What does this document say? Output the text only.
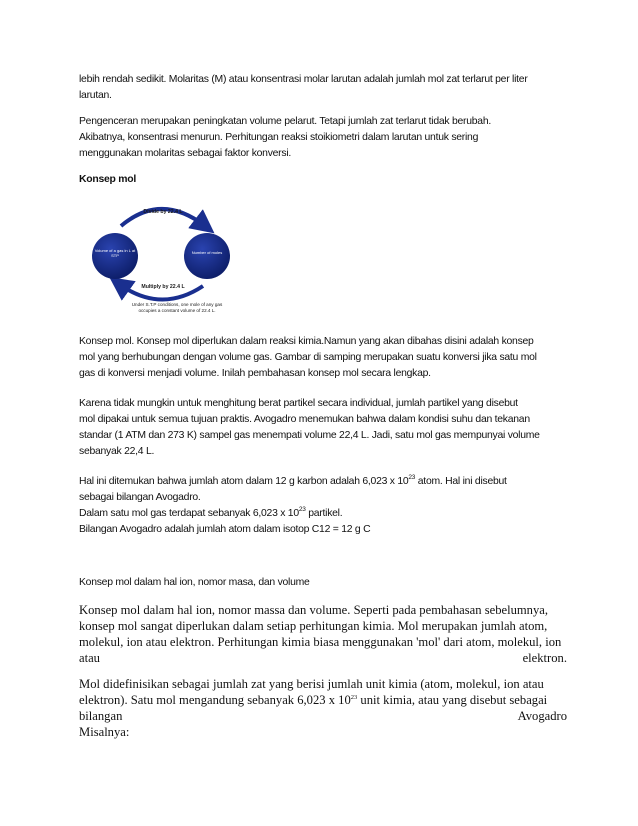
lebih rendah sedikit. Molaritas (M) atau konsentrasi molar larutan adalah jumlah mol zat terlarut per liter

larutan.

Pengenceran merupakan peningkatan volume pelarut. Tetapi jumlah zat terlarut tidak berubah.

Akibatnya, konsentrasi menurun. Perhitungan reaksi stoikiometri dalam larutan untuk sering

menggunakan molaritas sebagai faktor konversi.

Konsep mol
Divide by 22.4 L
Multiply by 22.4 L
Volume of a gas in L at STP
Number of moles
Under S.T.P conditions, one mole of any gas
occupies a constant volume of 22.4 L.

Konsep mol. Konsep mol diperlukan dalam reaksi kimia.Namun yang akan dibahas disini adalah konsep

mol yang berhubungan dengan volume gas. Gambar di samping merupakan suatu konversi jika satu mol

gas di konversi menjadi volume. Inilah pembahasan konsep mol secara lengkap.

Karena tidak mungkin untuk menghitung berat partikel secara individual, jumlah partikel yang disebut

mol dipakai untuk semua tujuan praktis. Avogadro menemukan bahwa dalam kondisi suhu dan tekanan

standar (1 ATM dan 273 K) sampel gas menempati volume 22,4 L. Jadi, satu mol gas mempunyai volume

sebanyak 22,4 L.

Hal ini ditemukan bahwa jumlah atom dalam 12 g karbon adalah 6,023 x $10^{23}$ atom. Hal ini disebut

sebagai bilangan Avogadro.

Dalam satu mol gas terdapat sebanyak 6,023 x $10^{23}$ partikel.

Bilangan Avogadro adalah jumlah atom dalam isotop C12 = 12 g C

Konsep mol dalam hal ion, nomor masa, dan volume

Konsep mol dalam hal ion, nomor massa dan volume. Seperti pada pembahasan sebelumnya,

konsep mol sangat diperlukan dalam setiap perhitungan kimia. Mol merupakan jumlah atom,

molekul, ion atau elektron. Perhitungan kimia biasa menggunakan 'mol' dari atom, molekul, ion

atau	elektron.

Mol didefinisikan sebagai jumlah zat yang berisi jumlah unit kimia (atom, molekul, ion atau

elektron). Satu mol mengandung sebanyak 6,023 x $10^{23}$ unit kimia, atau yang disebut sebagai

bilangan	Avogadro

Misalnya:
